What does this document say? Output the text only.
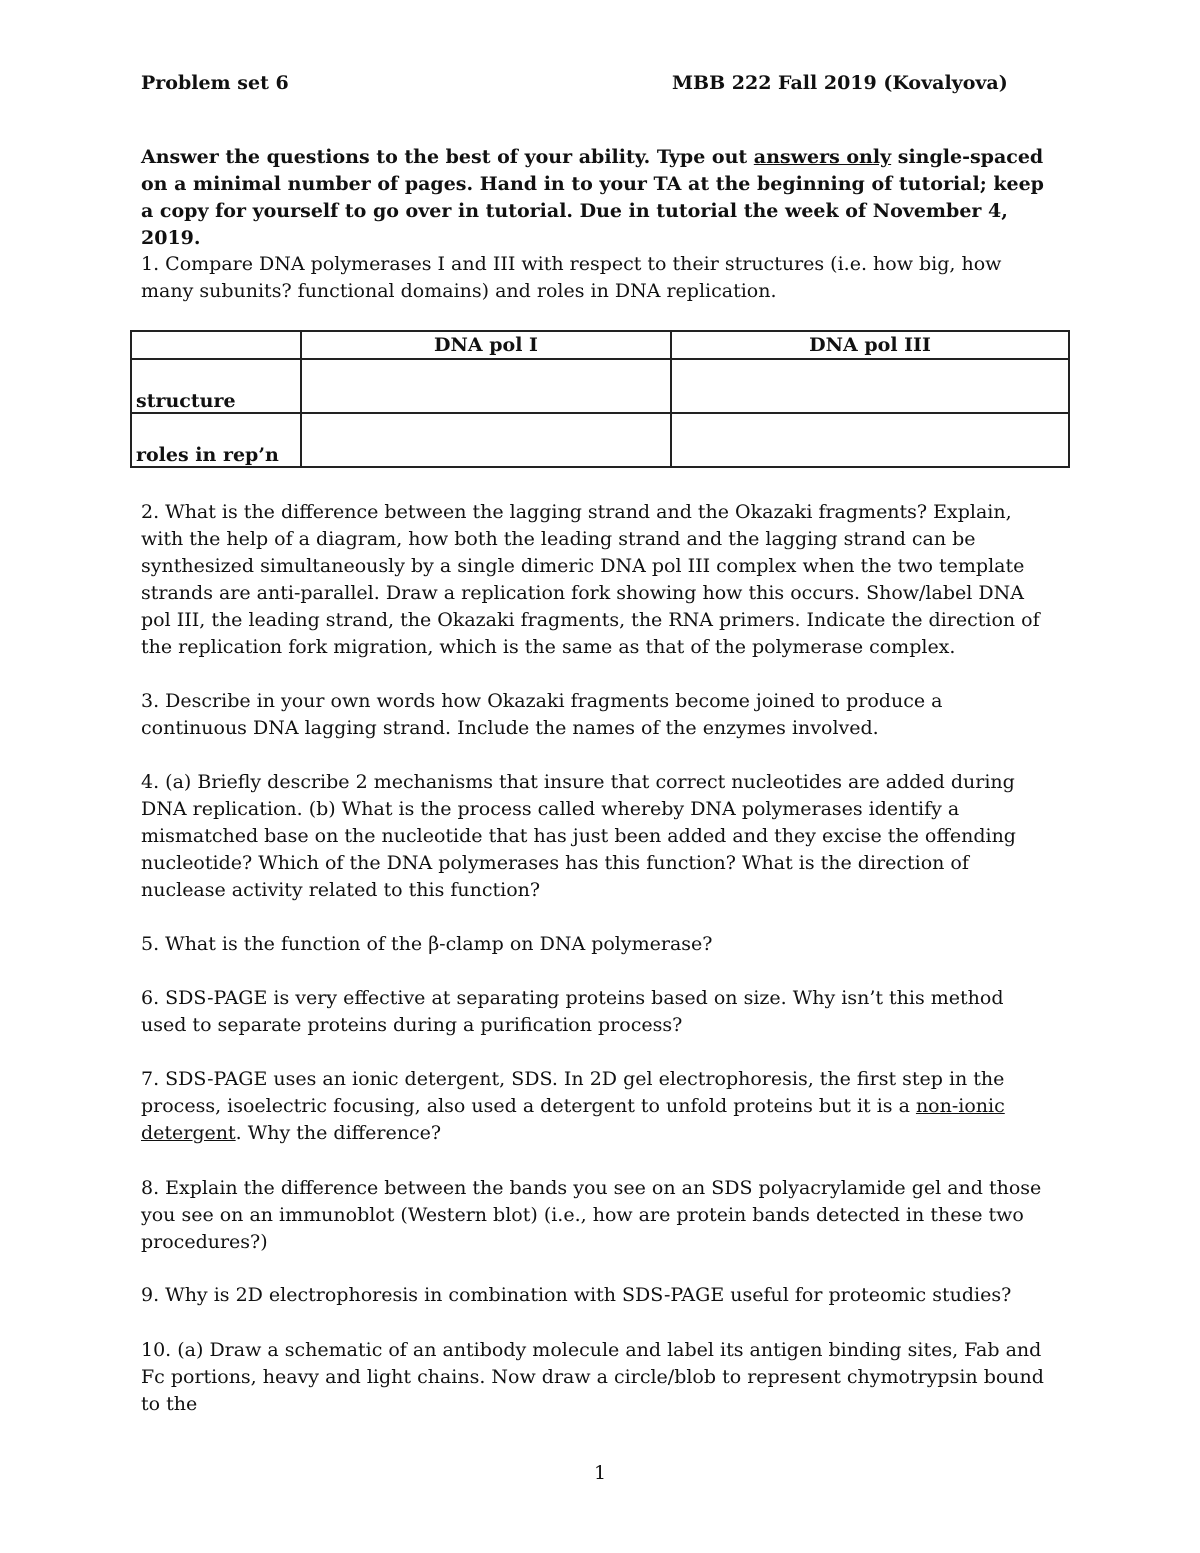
Problem set 6	MBB 222 Fall 2019 (Kovalyova)
Answer the questions to the best of your ability. Type out answers only single-spaced on a minimal number of pages. Hand in to your TA at the beginning of tutorial; keep a copy for yourself to go over in tutorial. Due in tutorial the week of November 4, 2019.
1. Compare DNA polymerases I and III with respect to their structures (i.e. how big, how many subunits? functional domains) and roles in DNA replication.
	DNA pol I	DNA pol III
structure		
roles in rep’n		
2. What is the difference between the lagging strand and the Okazaki fragments? Explain, with the help of a diagram, how both the leading strand and the lagging strand can be synthesized simultaneously by a single dimeric DNA pol III complex when the two template strands are anti-parallel. Draw a replication fork showing how this occurs. Show/label DNA pol III, the leading strand, the Okazaki fragments, the RNA primers. Indicate the direction of the replication fork migration, which is the same as that of the polymerase complex.
3. Describe in your own words how Okazaki fragments become joined to produce a continuous DNA lagging strand. Include the names of the enzymes involved.
4. (a) Briefly describe 2 mechanisms that insure that correct nucleotides are added during DNA replication. (b) What is the process called whereby DNA polymerases identify a mismatched base on the nucleotide that has just been added and they excise the offending nucleotide? Which of the DNA polymerases has this function? What is the direction of nuclease activity related to this function?
5. What is the function of the β-clamp on DNA polymerase?
6. SDS-PAGE is very effective at separating proteins based on size. Why isn’t this method used to separate proteins during a purification process?
7. SDS-PAGE uses an ionic detergent, SDS. In 2D gel electrophoresis, the first step in the process, isoelectric focusing, also used a detergent to unfold proteins but it is a non-ionic detergent. Why the difference?
8. Explain the difference between the bands you see on an SDS polyacrylamide gel and those you see on an immunoblot (Western blot) (i.e., how are protein bands detected in these two procedures?)
9. Why is 2D electrophoresis in combination with SDS-PAGE useful for proteomic studies?
10. (a) Draw a schematic of an antibody molecule and label its antigen binding sites, Fab and Fc portions, heavy and light chains. Now draw a circle/blob to represent chymotrypsin bound to the
1
